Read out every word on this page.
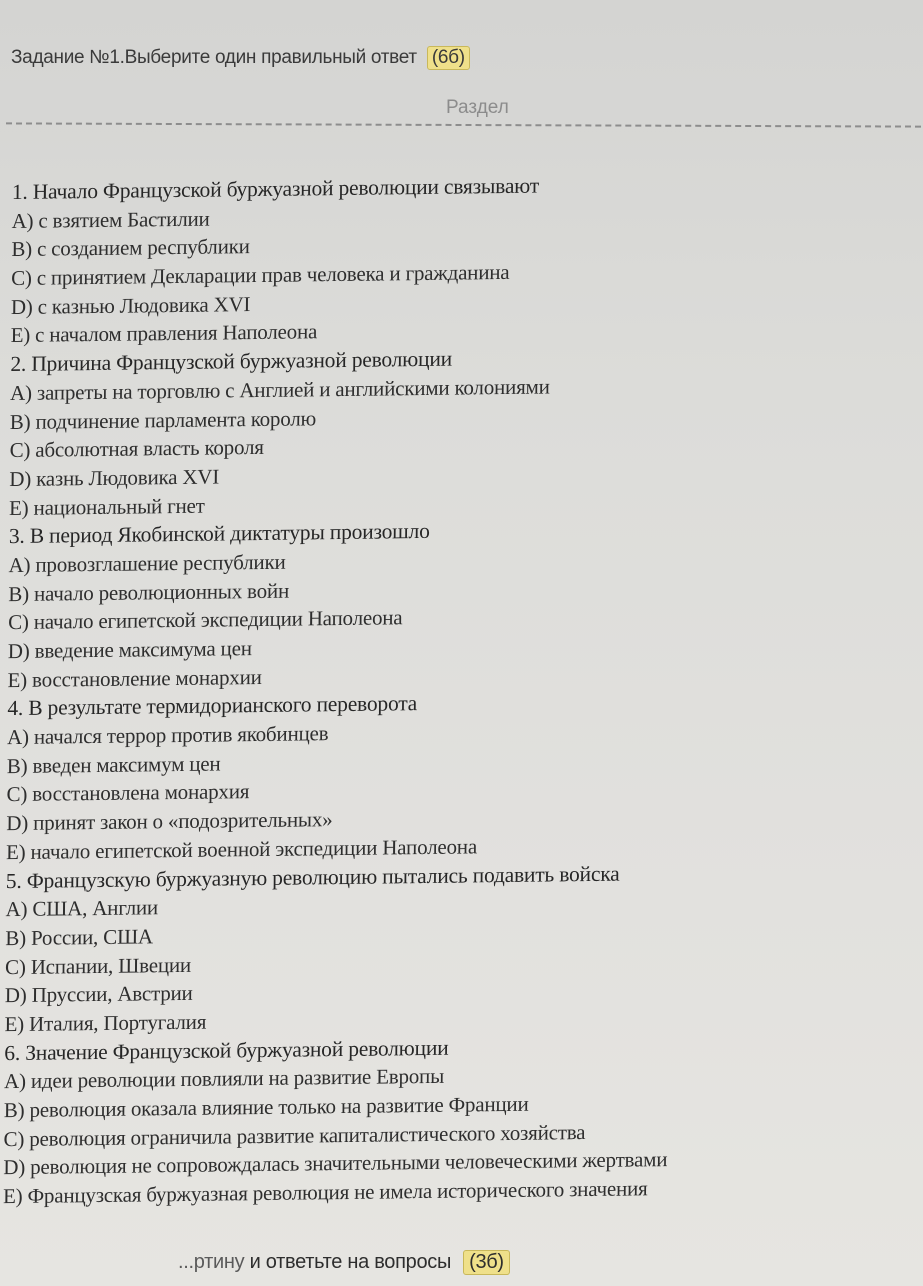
Задание №1.Выберите один правильный ответ (6б)
Раздел
1. Начало Французской буржуазной революции связывают
A) с взятием Бастилии
B) с созданием республики
C) с принятием Декларации прав человека и гражданина
D) с казнью Людовика XVI
E) с началом правления Наполеона
2. Причина Французской буржуазной революции
A) запреты на торговлю с Англией и английскими колониями
B) подчинение парламента королю
C) абсолютная власть короля
D) казнь Людовика XVI
E) национальный гнет
3. В период Якобинской диктатуры произошло
A) провозглашение республики
B) начало революционных войн
C) начало египетской экспедиции Наполеона
D) введение максимума цен
E) восстановление монархии
4. В результате термидорианского переворота
A) начался террор против якобинцев
B) введен максимум цен
C) восстановлена монархия
D) принят закон о «подозрительных»
E) начало египетской военной экспедиции Наполеона
5. Французскую буржуазную революцию пытались подавить войска
A) США, Англии
B) России, США
C) Испании, Швеции
D) Пруссии, Австрии
E) Италия, Португалия
6. Значение Французской буржуазной революции
A) идеи революции повлияли на развитие Европы
B) революция оказала влияние только на развитие Франции
C) революция ограничила развитие капиталистического хозяйства
D) революция не сопровождалась значительными человеческими жертвами
E) Французская буржуазная революция не имела исторического значения
...ртину и ответьте на вопросы (3б)
